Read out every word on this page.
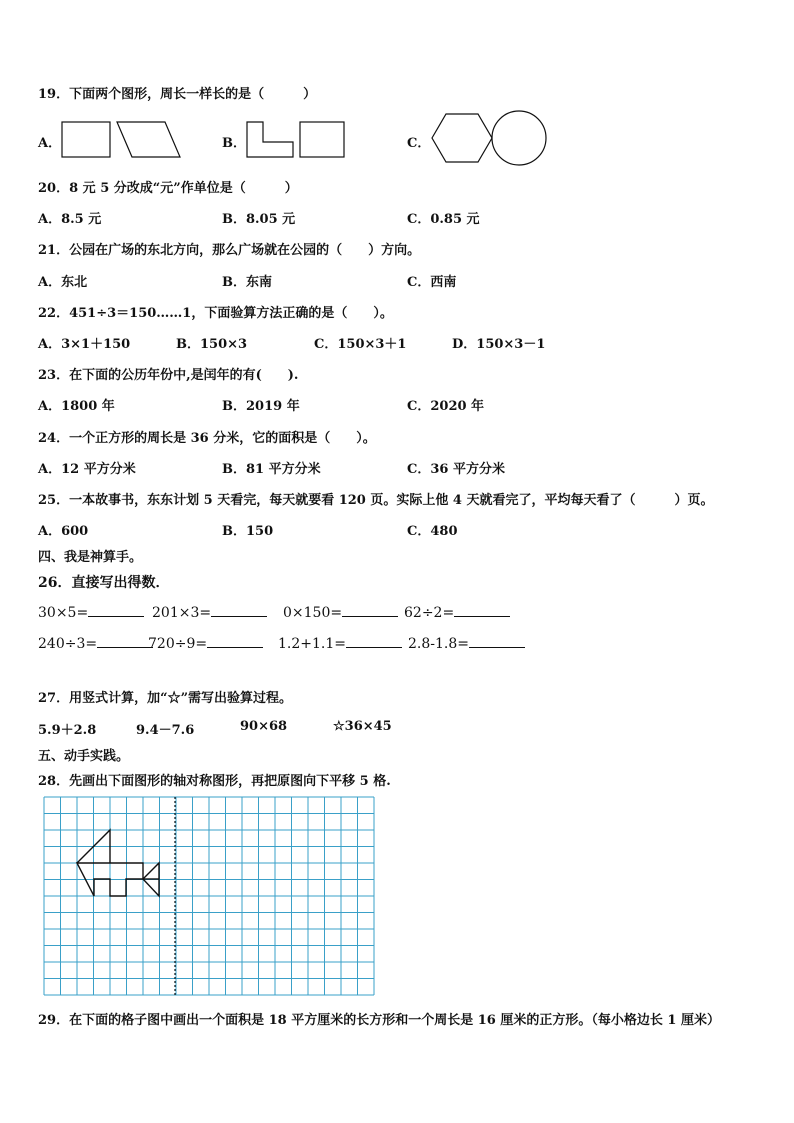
19．下面两个图形，周长一样长的是（　　　）
A．	B．	C．
20．8 元 5 分改成“元”作单位是（　　　）
A．8.5 元	B．8.05 元	C．0.85 元
21．公园在广场的东北方向，那么广场就在公园的（　　）方向。
A．东北	B．东南	C．西南
22．451÷3＝150……1，下面验算方法正确的是（　　）。
A．3×1＋150	B．150×3	C．150×3＋1	D．150×3－1
23．在下面的公历年份中,是闰年的有(　　).
A．1800 年	B．2019 年	C．2020 年
24．一个正方形的周长是 36 分米，它的面积是（　　）。
A．12 平方分米	B．81 平方分米	C．36 平方分米
25．一本故事书，东东计划 5 天看完，每天就要看 120 页。实际上他 4 天就看完了，平均每天看了（　　　）页。
A．600	B．150	C．480
四、我是神算手。
26．直接写出得数．
30×5=	201×3=	0×150=	62÷2=
240÷3=	720÷9=	1.2+1.1=	2.8-1.8=
27．用竖式计算，加“☆”需写出验算过程。
5.9＋2.8	9.4－7.6	90×68	☆36×45
五、动手实践。
28．先画出下面图形的轴对称图形，再把原图向下平移 5 格.
29．在下面的格子图中画出一个面积是 18 平方厘米的长方形和一个周长是 16 厘米的正方形。（每小格边长 1 厘米）
